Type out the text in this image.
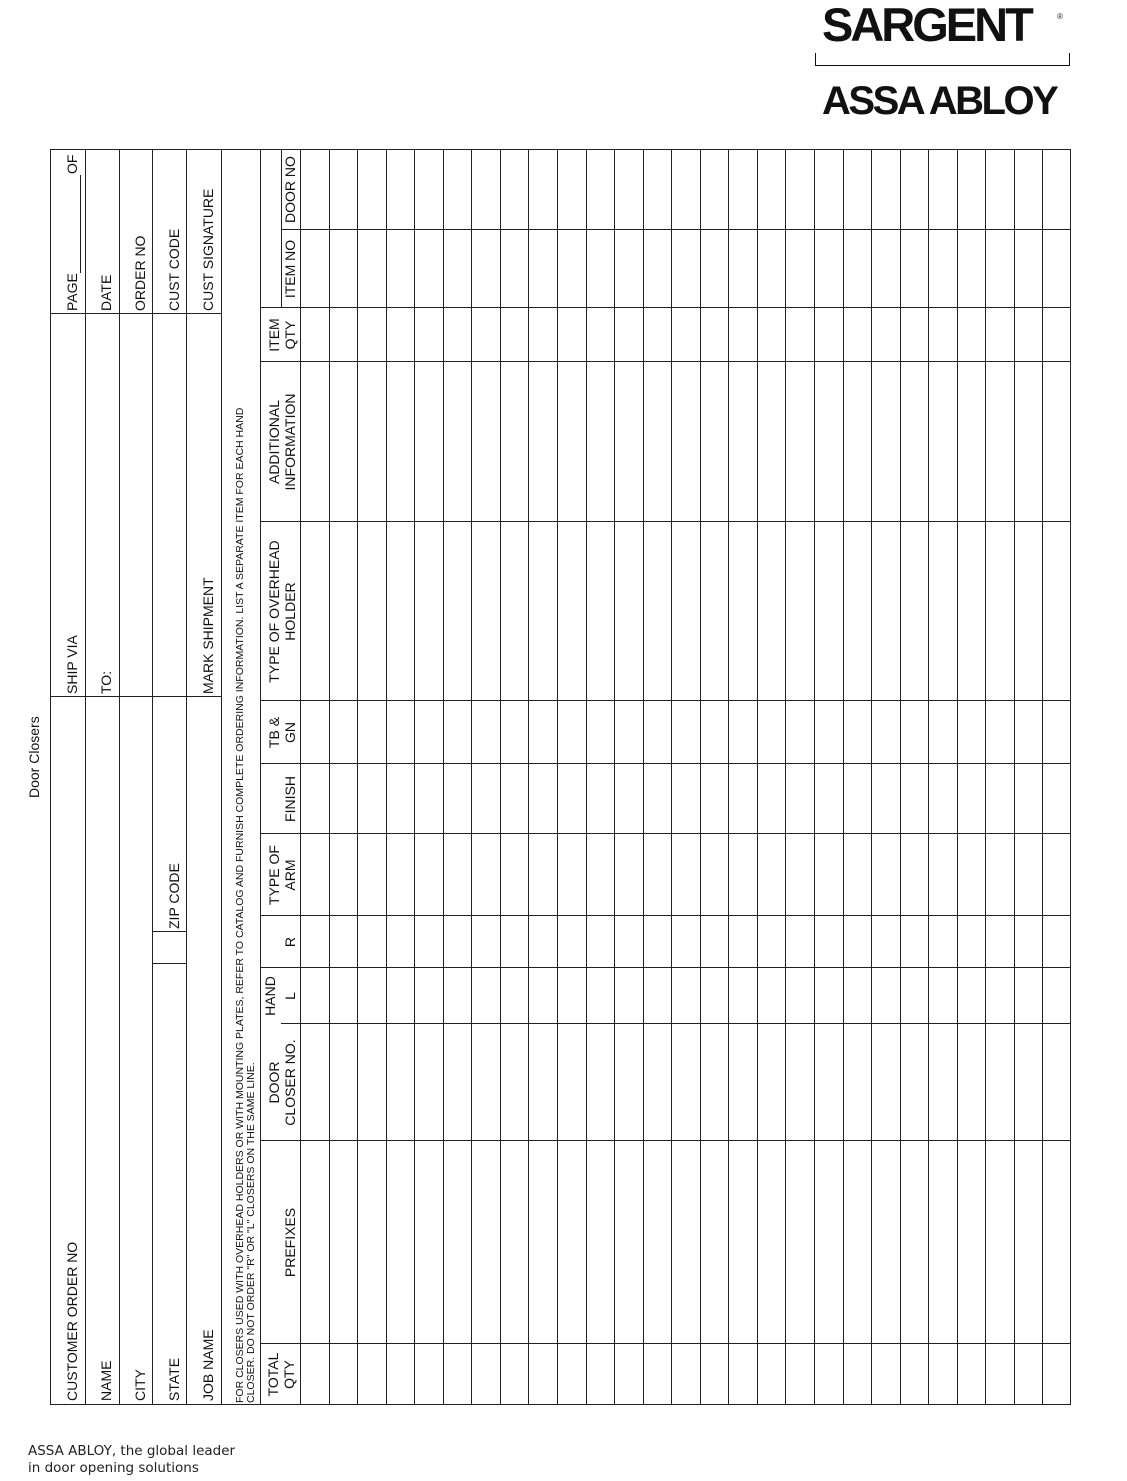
SARGENT	®
ASSA ABLOY
Door Closers
CUSTOMER ORDER NO
SHIP VIA
PAGE
OF
NAME
TO:
DATE
CITY
ORDER NO
STATE
ZIP CODE
CUST CODE
JOB NAME
MARK SHIPMENT
CUST SIGNATURE
FOR CLOSERS USED WITH OVERHEAD HOLDERS OR WITH MOUNTING PLATES, REFER TO CATALOG AND FURNISH COMPLETE ORDERING INFORMATION. LIST A SEPARATE ITEM FOR EACH HAND CLOSER. DO NOT ORDER "R" OR "L" CLOSERS ON THE SAME LINE. TOTAL QTY
PREFIXES
DOOR CLOSER NO.
HAND L
R
TYPE OF ARM
FINISH
TB & GN
TYPE OF OVERHEAD HOLDER
ADDITIONAL INFORMATION
ITEM QTY
ITEM NO
DOOR NO
ASSA ABLOY, the global leader
in door opening solutions
